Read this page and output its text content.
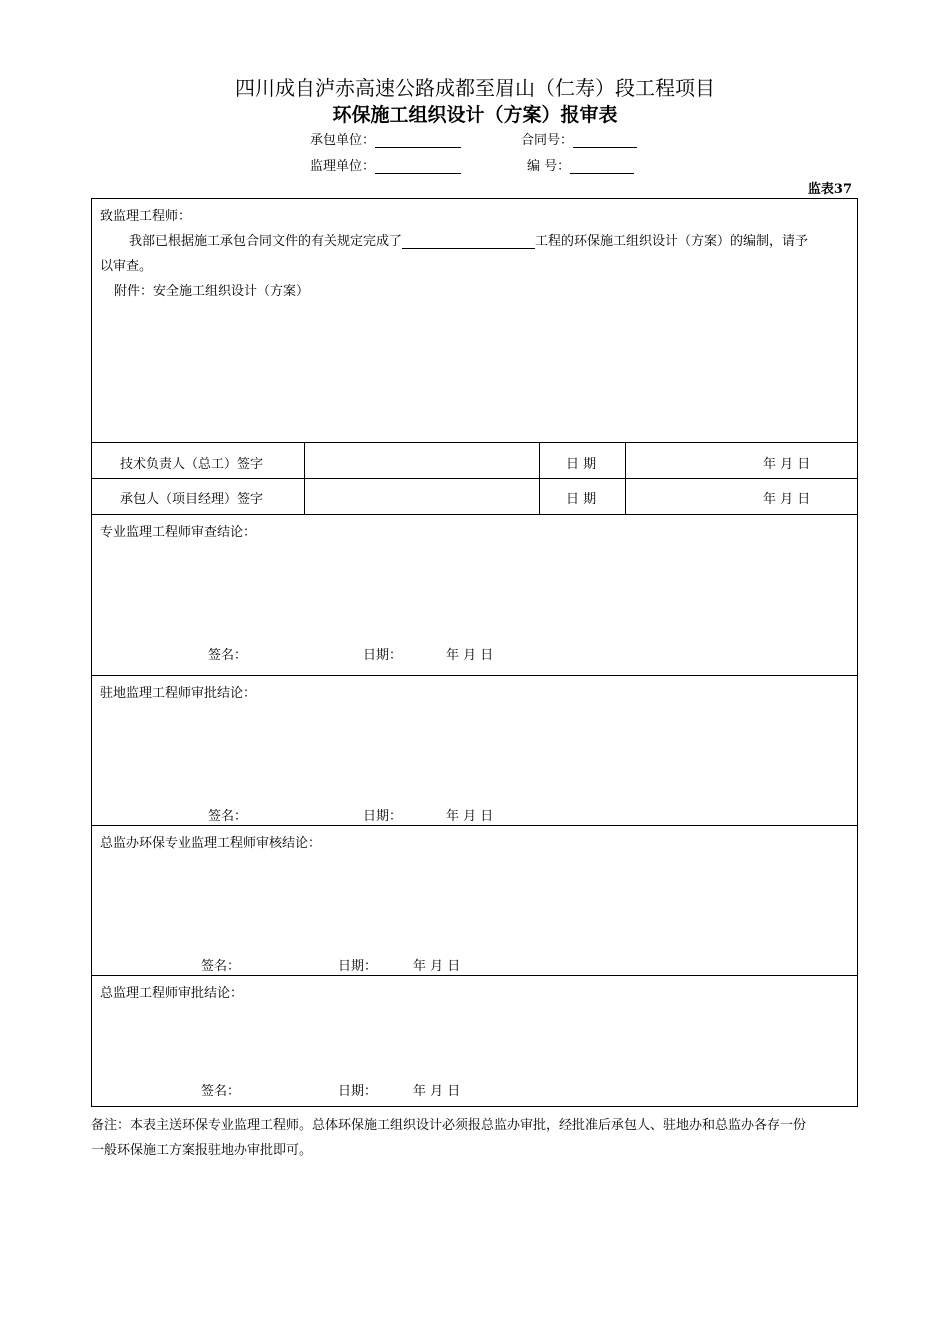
四川成自泸赤高速公路成都至眉山（仁寿）段工程项目
环保施工组织设计（方案）报审表
承包单位：	合同号：
监理单位：	编 号：
监表37
致监理工程师：
我部已根据施工承包合同文件的有关规定完成了	工程的环保施工组织设计（方案）的编制，请予
以审查。
附件：安全施工组织设计（方案）
技术负责人（总工）签字	日 期	年 月 日
承包人（项目经理）签字	日 期	年 月 日
专业监理工程师审查结论：
签名：	日期：	年 月 日
驻地监理工程师审批结论：
签名：	日期：	年 月 日
总监办环保专业监理工程师审核结论：
签名：	日期：	年 月 日
总监理工程师审批结论：
签名：	日期：	年 月 日
备注：本表主送环保专业监理工程师。总体环保施工组织设计必须报总监办审批，经批准后承包人、驻地办和总监办各存一份
一般环保施工方案报驻地办审批即可。
